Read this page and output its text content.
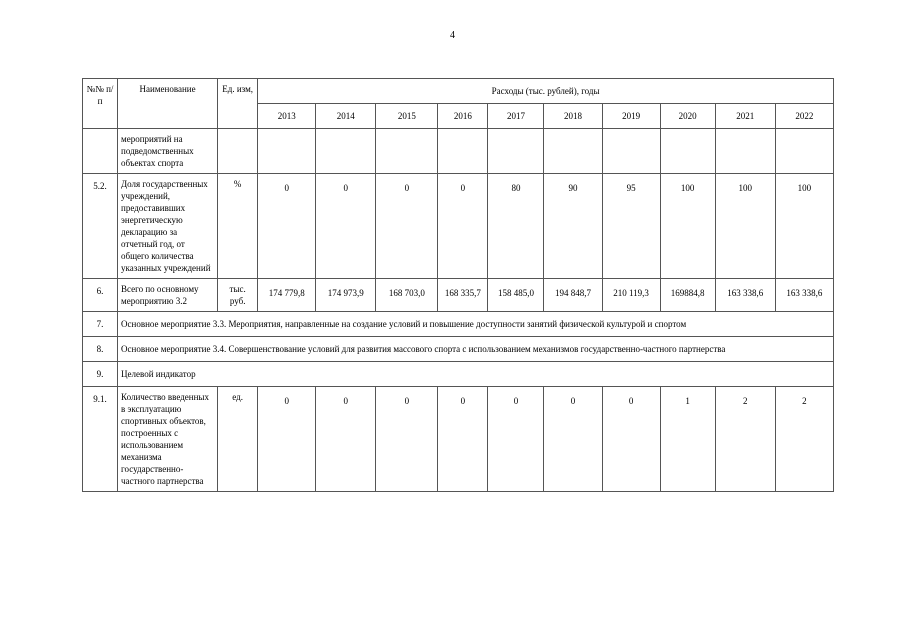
4
№№ п/п	Наименование	Ед. изм,	Расходы (тыс. рублей), годы									
			2013	2014	2015	2016	2017	2018	2019	2020	2021	2022
	мероприятий на подведомственных объектах спорта											
5.2.	Доля государственных учреждений, предоставивших энергетическую декларацию за отчетный год, от общего количества указанных учреждений	%	0	0	0	0	80	90	95	100	100	100
6.	Всего по основному мероприятию 3.2	тыс. руб.	174 779,8	174 973,9	168 703,0	168 335,7	158 485,0	194 848,7	210 119,3	169884,8	163 338,6	163 338,6
7.	Основное мероприятие 3.3. Мероприятия, направленные на создание условий и повышение доступности занятий физической культурой и спортом											
8.	Основное мероприятие 3.4. Совершенствование условий для развития массового спорта с использованием механизмов государственно-частного партнерства											
9.	Целевой индикатор											
9.1.	Количество введенных в эксплуатацию спортивных объектов, построенных с использованием механизма государственно-частного партнерства	ед.	0	0	0	0	0	0	0	1	2	2
